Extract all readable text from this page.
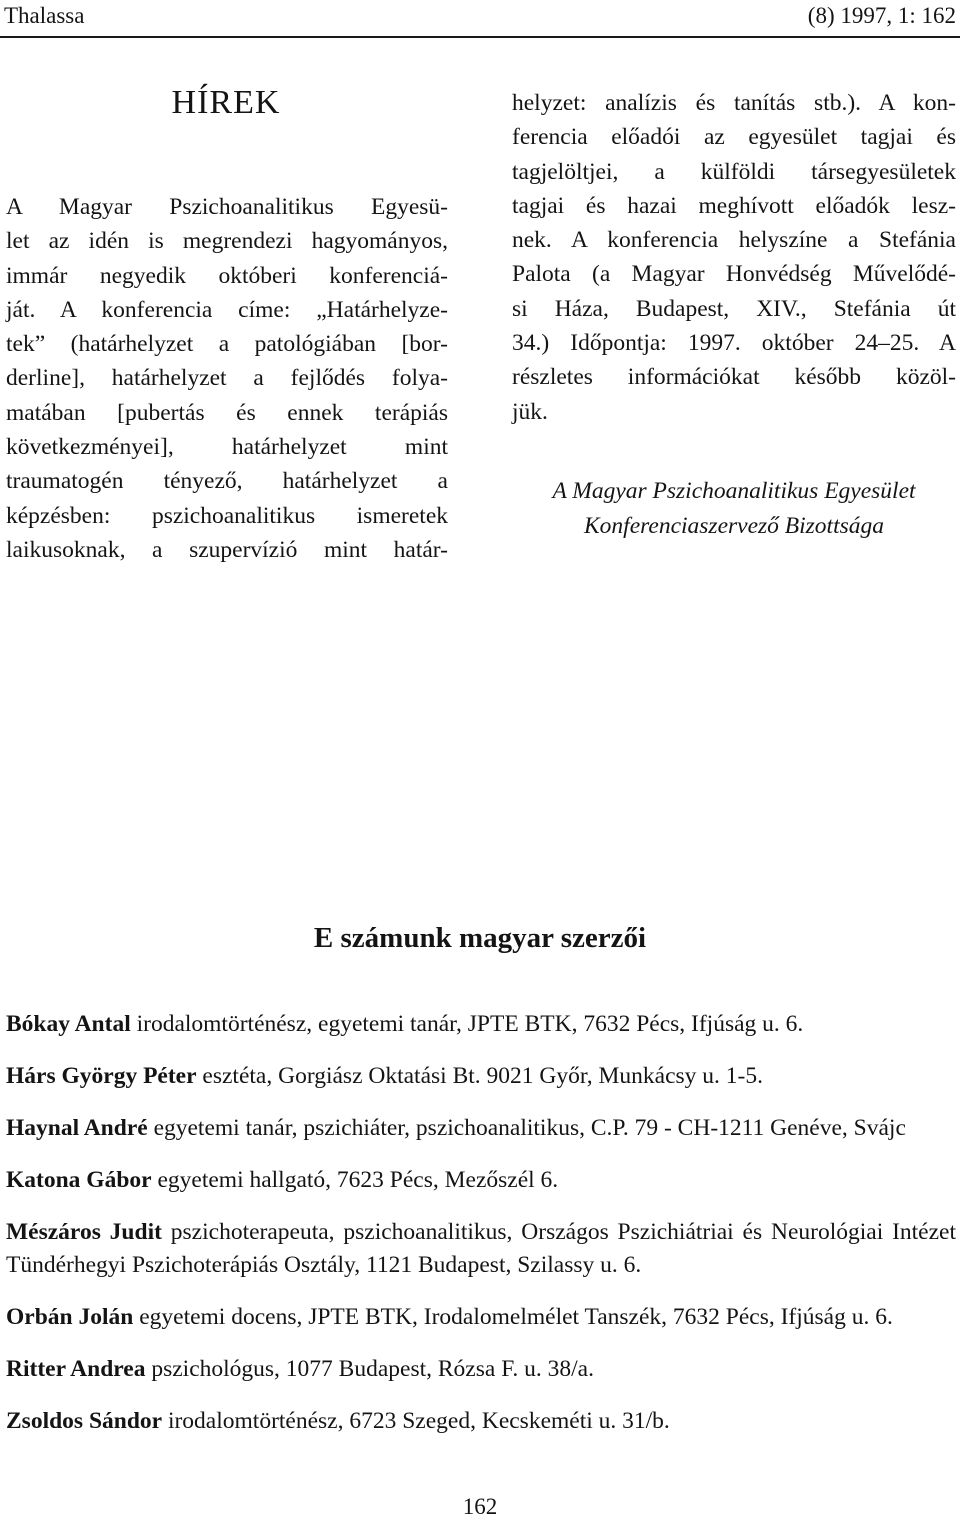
Thalassa	(8) 1997, 1: 162
HÍREK
A Magyar Pszichoanalitikus Egyesü-
let az idén is megrendezi hagyományos,
immár negyedik októberi konferenciá-
ját. A konferencia címe: „Határhelyze-
tek” (határhelyzet a patológiában [bor-
derline], határhelyzet a fejlődés folya-
matában [pubertás és ennek terápiás
következményei], határhelyzet mint
traumatogén tényező, határhelyzet a
képzésben: pszichoanalitikus ismeretek
laikusoknak, a szupervízió mint határ-
helyzet: analízis és tanítás stb.). A kon-
ferencia előadói az egyesület tagjai és
tagjelöltjei, a külföldi társegyesületek
tagjai és hazai meghívott előadók lesz-
nek. A konferencia helyszíne a Stefánia
Palota (a Magyar Honvédség Művelődé-
si Háza, Budapest, XIV., Stefánia út
34.) Időpontja: 1997. október 24–25. A
részletes információkat később közöl-
jük.
A Magyar Pszichoanalitikus Egyesület
Konferenciaszervező Bizottsága
E számunk magyar szerzői

Bókay Antal irodalomtörténész, egyetemi tanár, JPTE BTK, 7632 Pécs, Ifjúság u. 6.

Hárs György Péter esztéta, Gorgiász Oktatási Bt. 9021 Győr, Munkácsy u. 1-5.

Haynal André egyetemi tanár, pszichiáter, pszichoanalitikus, C.P. 79 - CH-1211 Genéve, Svájc

Katona Gábor egyetemi hallgató, 7623 Pécs, Mezőszél 6.

Mészáros Judit pszichoterapeuta, pszichoanalitikus, Országos Pszichiátriai és Neurológiai Intézet Tündérhegyi Pszichoterápiás Osztály, 1121 Budapest, Szilassy u. 6.

Orbán Jolán egyetemi docens, JPTE BTK, Irodalomelmélet Tanszék, 7632 Pécs, Ifjúság u. 6.

Ritter Andrea pszichológus, 1077 Budapest, Rózsa F. u. 38/a.

Zsoldos Sándor irodalomtörténész, 6723 Szeged, Kecskeméti u. 31/b.

162
